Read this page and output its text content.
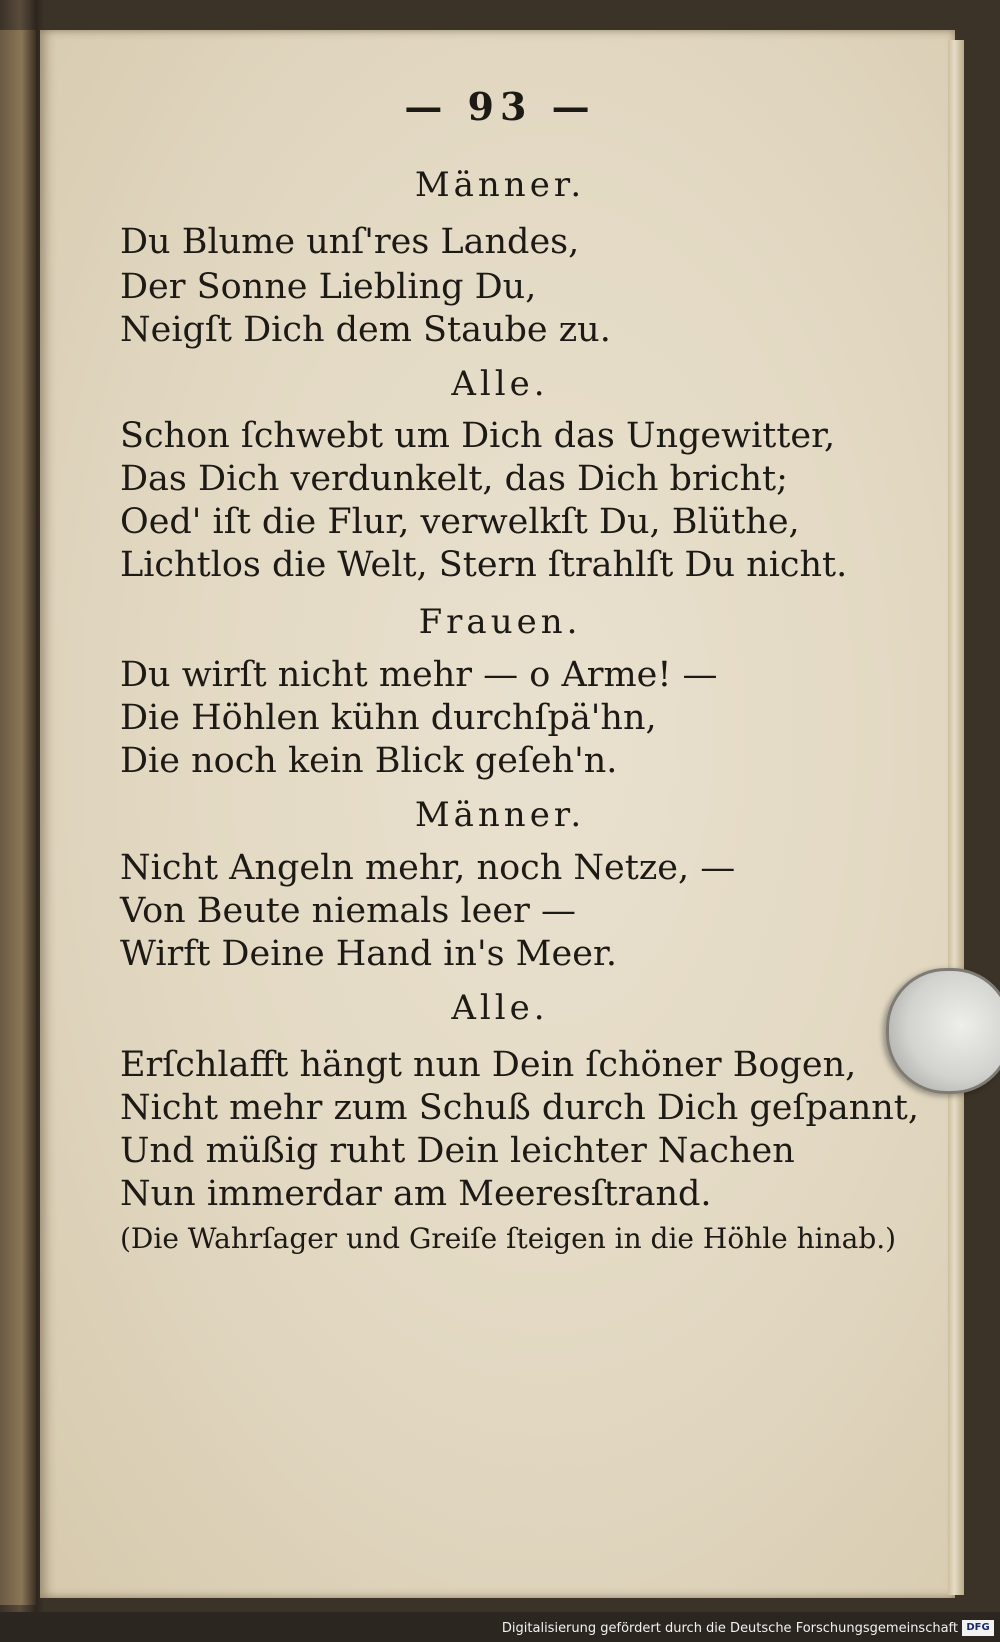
— 93 —
Männer.
Du Blume unſ'res Landes,
Der Sonne Liebling Du,
Neigſt Dich dem Staube zu.
Alle.
Schon ſchwebt um Dich das Ungewitter,
Das Dich verdunkelt, das Dich bricht;
Oed' iſt die Flur, verwelkſt Du, Blüthe,
Lichtlos die Welt, Stern ſtrahlſt Du nicht.
Frauen.
Du wirſt nicht mehr — o Arme! —
Die Höhlen kühn durchſpä'hn,
Die noch kein Blick geſeh'n.
Männer.
Nicht Angeln mehr, noch Netze, —
Von Beute niemals leer —
Wirft Deine Hand in's Meer.
Alle.
Erſchlafft hängt nun Dein ſchöner Bogen,
Nicht mehr zum Schuß durch Dich geſpannt,
Und müßig ruht Dein leichter Nachen
Nun immerdar am Meeresſtrand.
(Die Wahrſager und Greiſe ſteigen in die Höhle hinab.)
Digitalisierung gefördert durch die Deutsche Forschungsgemeinschaft DFG
